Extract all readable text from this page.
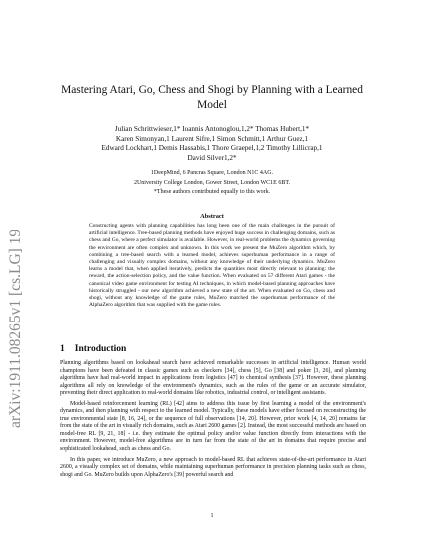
arXiv:1911.08265v1 [cs.LG] 19 Nov 2019
Mastering Atari, Go, Chess and Shogi by Planning with a Learned Model
Julian Schrittwieser,1* Ioannis Antonoglou,1,2* Thomas Hubert,1*
Karen Simonyan,1 Laurent Sifre,1 Simon Schmitt,1 Arthur Guez,1
Edward Lockhart,1 Demis Hassabis,1 Thore Graepel,1,2 Timothy Lillicrap,1
David Silver1,2*
1DeepMind, 6 Pancras Square, London N1C 4AG.
2University College London, Gower Street, London WC1E 6BT.
*These authors contributed equally to this work.
Abstract

Constructing agents with planning capabilities has long been one of the main challenges in the pursuit of artificial intelligence. Tree-based planning methods have enjoyed huge success in challenging domains, such as chess and Go, where a perfect simulator is available. However, in real-world problems the dynamics governing the environment are often complex and unknown. In this work we present the MuZero algorithm which, by combining a tree-based search with a learned model, achieves superhuman performance in a range of challenging and visually complex domains, without any knowledge of their underlying dynamics. MuZero learns a model that, when applied iteratively, predicts the quantities most directly relevant to planning: the reward, the action-selection policy, and the value function. When evaluated on 57 different Atari games - the canonical video game environment for testing AI techniques, in which model-based planning approaches have historically struggled - our new algorithm achieved a new state of the art. When evaluated on Go, chess and shogi, without any knowledge of the game rules, MuZero matched the superhuman performance of the AlphaZero algorithm that was supplied with the game rules.

1 Introduction

Planning algorithms based on lookahead search have achieved remarkable successes in artificial intelligence. Human world champions have been defeated in classic games such as checkers [34], chess [5], Go [38] and poker [3, 26], and planning algorithms have had real-world impact in applications from logistics [47] to chemical synthesis [37]. However, these planning algorithms all rely on knowledge of the environment's dynamics, such as the rules of the game or an accurate simulator, preventing their direct application to real-world domains like robotics, industrial control, or intelligent assistants.

Model-based reinforcement learning (RL) [42] aims to address this issue by first learning a model of the environment's dynamics, and then planning with respect to the learned model. Typically, these models have either focused on reconstructing the true environmental state [8, 16, 24], or the sequence of full observations [14, 20]. However, prior work [4, 14, 20] remains far from the state of the art in visually rich domains, such as Atari 2600 games [2]. Instead, the most successful methods are based on model-free RL [9, 21, 18] - i.e. they estimate the optimal policy and/or value function directly from interactions with the environment. However, model-free algorithms are in turn far from the state of the art in domains that require precise and sophisticated lookahead, such as chess and Go.

In this paper, we introduce MuZero, a new approach to model-based RL that achieves state-of-the-art performance in Atari 2600, a visually complex set of domains, while maintaining superhuman performance in precision planning tasks such as chess, shogi and Go. MuZero builds upon AlphaZero's [39] powerful search and

1
